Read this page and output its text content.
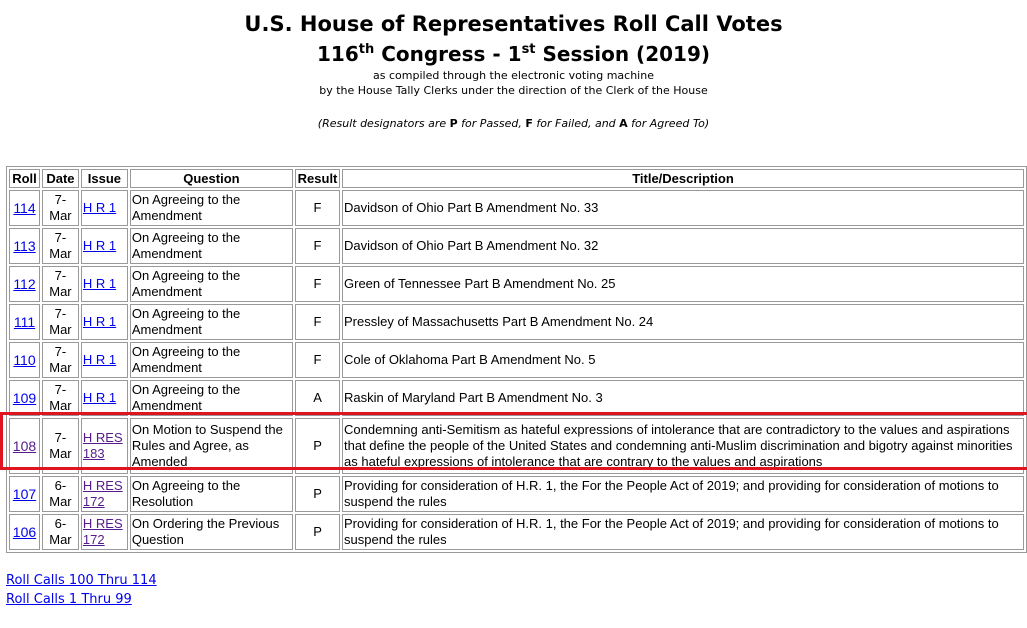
U.S. House of Representatives Roll Call Votes
116th Congress - 1st Session (2019)
as compiled through the electronic voting machine
by the House Tally Clerks under the direction of the Clerk of the House
(Result designators are P for Passed, F for Failed, and A for Agreed To)
Roll	Date	Issue	Question	Result	Title/Description
114	7-Mar	H R 1	On Agreeing to the Amendment	F	Davidson of Ohio Part B Amendment No. 33
113	7-Mar	H R 1	On Agreeing to the Amendment	F	Davidson of Ohio Part B Amendment No. 32
112	7-Mar	H R 1	On Agreeing to the Amendment	F	Green of Tennessee Part B Amendment No. 25
111	7-Mar	H R 1	On Agreeing to the Amendment	F	Pressley of Massachusetts Part B Amendment No. 24
110	7-Mar	H R 1	On Agreeing to the Amendment	F	Cole of Oklahoma Part B Amendment No. 5
109	7-Mar	H R 1	On Agreeing to the Amendment	A	Raskin of Maryland Part B Amendment No. 3
108	7-Mar	H RES 183	On Motion to Suspend the Rules and Agree, as Amended	P	Condemning anti-Semitism as hateful expressions of intolerance that are contradictory to the values and aspirations that define the people of the United States and condemning anti-Muslim discrimination and bigotry against minorities as hateful expressions of intolerance that are contrary to the values and aspirations
107	6-Mar	H RES 172	On Agreeing to the Resolution	P	Providing for consideration of H.R. 1, the For the People Act of 2019; and providing for consideration of motions to suspend the rules
106	6-Mar	H RES 172	On Ordering the Previous Question	P	Providing for consideration of H.R. 1, the For the People Act of 2019; and providing for consideration of motions to suspend the rules
Roll Calls 100 Thru 114
Roll Calls 1 Thru 99
